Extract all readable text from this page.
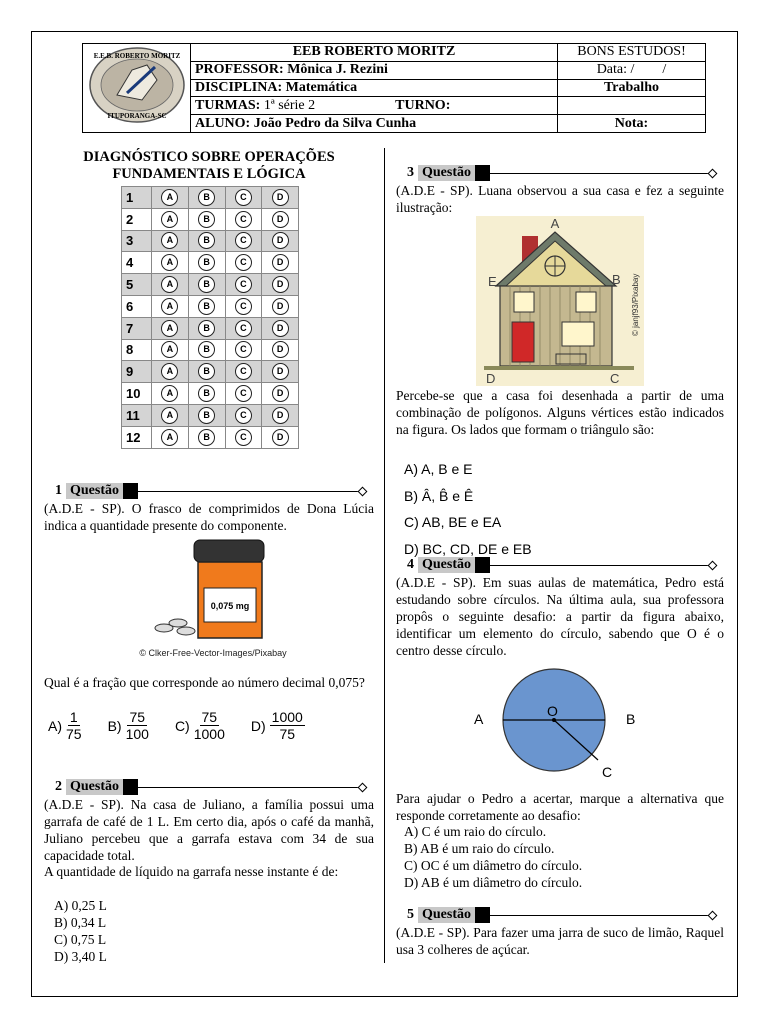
E.E.B. ROBERTO MORITZ
ITUPORANGA-SC	EEB ROBERTO MORITZ	BONS ESTUDOS!
	PROFESSOR: Mônica J. Rezini	Data: /        /
	DISCIPLINA: Matemática	Trabalho
	TURMAS: 1ª série 2 TURNO:	
	ALUNO: João Pedro da Silva Cunha	Nota:
DIAGNÓSTICO SOBRE OPERAÇÕES
FUNDAMENTAIS E LÓGICA
1	A	B	C	D
2	A	B	C	D
3	A	B	C	D
4	A	B	C	D
5	A	B	C	D
6	A	B	C	D
7	A	B	C	D
8	A	B	C	D
9	A	B	C	D
10	A	B	C	D
11	A	B	C	D
12	A	B	C	D
1 Questão
(A.D.E - SP). O frasco de comprimidos de Dona Lúcia indica a quantidade presente do componente.
0,075 mg
© Clker-Free-Vector-Images/Pixabay
Qual é a fração que corresponde ao número decimal 0,075?
$A) \frac{1}{75} B) \frac{75}{100} C) \frac{75}{1000} D) \frac{1000}{75}$
2 Questão
(A.D.E - SP). Na casa de Juliano, a família possui uma garrafa de café de 1 L. Em certo dia, após o café da manhã, Juliano percebeu que a garrafa estava com 34 de sua capacidade total.
A quantidade de líquido na garrafa nesse instante é de:
A) 0,25 L
B) 0,34 L
C) 0,75 L
D) 3,40 L
3 Questão
(A.D.E - SP). Luana observou a sua casa e fez a seguinte ilustração:
A
E	B
D	C
© janjf93/Pixabay
Percebe-se que a casa foi desenhada a partir de uma combinação de polígonos. Alguns vértices estão indicados na figura. Os lados que formam o triângulo são:
A) A, B e E
B) Â, B̂ e Ê
C) AB, BE e EA
D) BC, CD, DE e EB
4 Questão
(A.D.E - SP). Em suas aulas de matemática, Pedro está estudando sobre círculos. Na última aula, sua professora propôs o seguinte desafio: a partir da figura abaixo, identificar um elemento do círculo, sabendo que O é o centro desse círculo.
A	O	B
C
Para ajudar o Pedro a acertar, marque a alternativa que responde corretamente ao desafio:
A) C é um raio do círculo.
B) AB é um raio do círculo.
C) OC é um diâmetro do círculo.
D) AB é um diâmetro do círculo.
5 Questão
(A.D.E - SP). Para fazer uma jarra de suco de limão, Raquel usa 3 colheres de açúcar.
